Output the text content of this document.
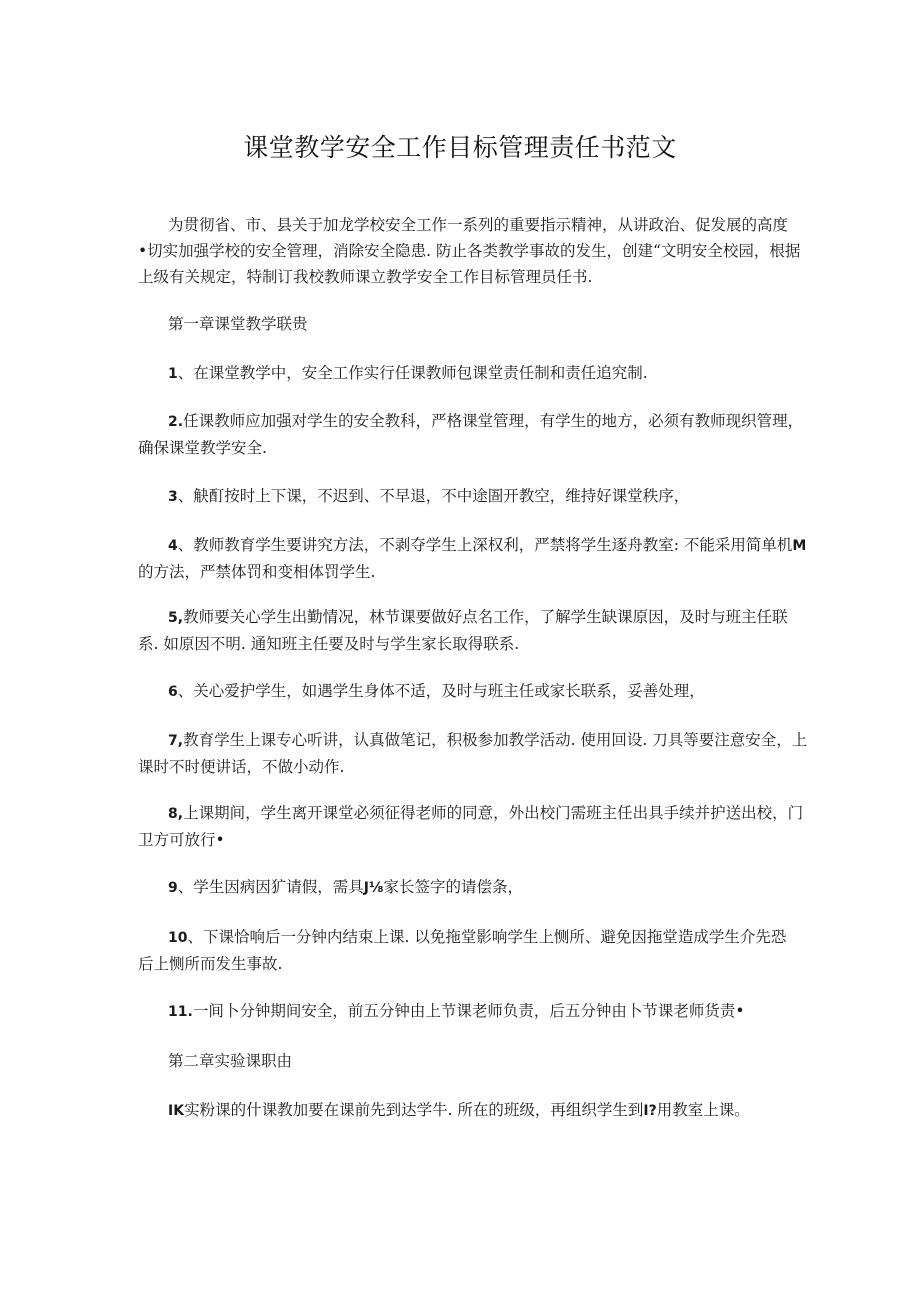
课堂教学安全工作目标管理责任书范文
为贯彻省、市、县关于加龙学校安全工作一系列的重要指示精神，从讲政治、促发展的高度
•切实加强学校的安全管理，消除安全隐患. 防止各类教学事故的发生，创建“文明安全校园，根据
上级有关规定，特制订我校教师课立教学安全工作目标管理员任书.
第一章课堂教学联贵
1、在课堂教学中，安全工作实行任课教师包课堂责任制和责任追究制.
2.任课教师应加强对学生的安全教科，严格课堂管理，有学生的地方，必须有教师现织管理，
确保课堂教学安全.
3、觖酊按时上下课，不迟到、不早退，不中途圄开教空，维持好课堂秩序，
4、教师教育学生要讲究方法，不剥夺学生上深权利，严禁将学生逐舟教室: 不能采用简单机M
的方法，严禁体罚和变相体罚学生.
5,教师要关心学生出勤情况，林节课要做好点名工作，了解学生缺课原因，及时与班主任联
系. 如原因不明. 通知班主任要及时与学生家长取得联系.
6、关心爱护学生，如遇学生身体不适，及时与班主任或家长联系，妥善处理，
7,教育学生上课专心听讲，认真做笔记，积极参加教学活动. 使用回设. 刀具等要注意安全，上
课时不时便讲话，不做小动作.
8,上课期间，学生离开课堂必须征得老师的同意，外出校门需班主任出具手续并护送出校，门
卫方可放行•
9、学生因病因犷请假，需具J⅛家长签字的请偿条，
10、下课恰响后一分钟内结束上课. 以免拖堂影响学生上恻所、避免因拖堂造成学生介先恐
后上恻所而发生事故.
11.一间卜分钟期间安全，前五分钟由上节课老师负责，后五分钟由卜节课老师货责•
第二章实验课职由
IK实粉课的什课教加要在课前先到达学牛. 所在的班级，再组织学生到I?用教室上课。
